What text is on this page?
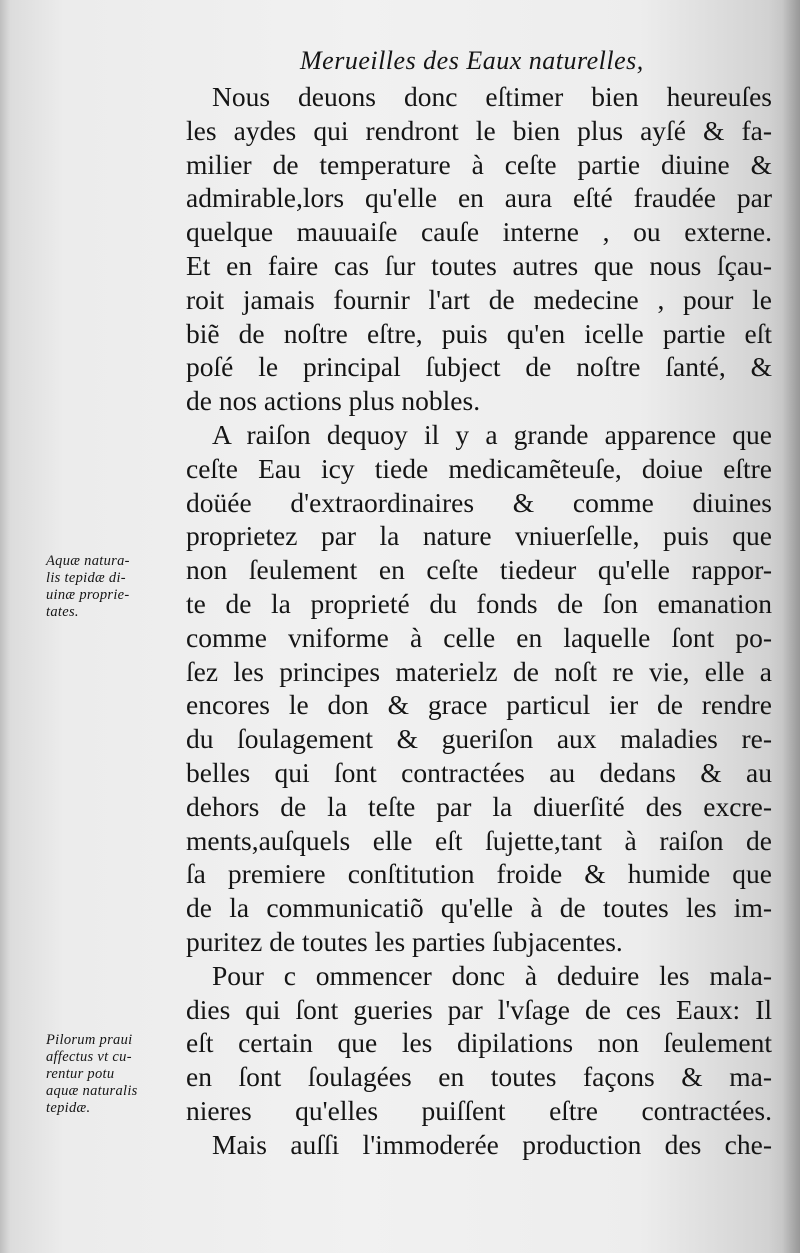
Merueilles des Eaux naturelles,
Nous deuons donc eſtimer bien heureuſes
les aydes qui rendront le bien plus ayſé & fa-
milier de temperature à ceſte partie diuine &
admirable,lors qu'elle en aura eſté fraudée par
quelque mauuaiſe cauſe interne , ou externe.
Et en faire cas ſur toutes autres que nous ſçau-
roit jamais fournir l'art de medecine , pour le
biẽ de noſtre eſtre, puis qu'en icelle partie eſt
poſé le principal ſubject de noſtre ſanté, &
de nos actions plus nobles.
A raiſon dequoy il y a grande apparence que
ceſte Eau icy tiede medicamẽteuſe, doiue eſtre
doüée d'extraordinaires & comme diuines
proprietez par la nature vniuerſelle, puis que
non ſeulement en ceſte tiedeur qu'elle rappor-
te de la proprieté du fonds de ſon emanation
comme vniforme à celle en laquelle ſont po-
ſez les principes materielz de noſt re vie, elle a
encores le don & grace particul ier de rendre
du ſoulagement & gueriſon aux maladies re-
belles qui ſont contractées au dedans & au
dehors de la teſte par la diuerſité des excre-
ments,auſquels elle eſt ſujette,tant à raiſon de
ſa premiere conſtitution froide & humide que
de la communicatiõ qu'elle à de toutes les im-
puritez de toutes les parties ſubjacentes.
Pour c ommencer donc à deduire les mala-
dies qui ſont gueries par l'vſage de ces Eaux: Il
eſt certain que les dipilations non ſeulement
en ſont ſoulagées en toutes façons & ma-
nieres qu'elles puiſſent eſtre contractées.
Mais auſſi l'immoderée production des che-
Aquæ natura-
lis tepidæ di-
uinæ proprie-
tates.
Pilorum praui
affectus vt cu-
rentur potu
aquæ naturalis
tepidæ.
